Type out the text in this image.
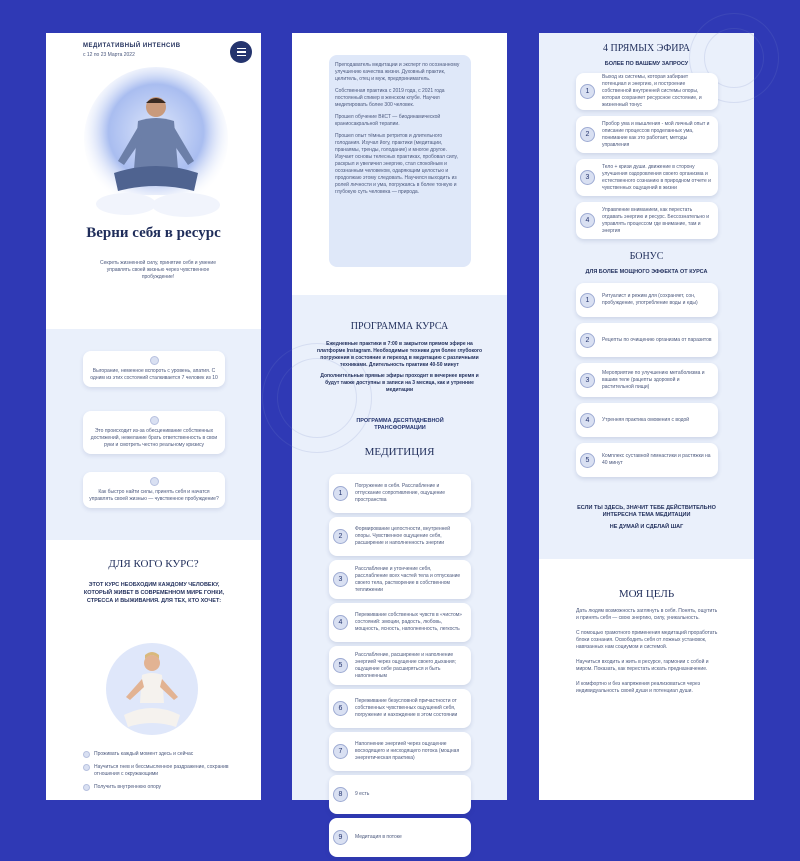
МЕДИТАТИВНЫЙ ИНТЕНСИВ
с 12 по 23 Марта 2022
Верни себя в ресурс
Секреть жизненной силу, принятие себя и умение управлять своей жизнью через чувственное пробуждение!
Выгорание, неменное вспороть с уровень, апатия. С одним из этих состояний сталкивается 7 человек из 10
Это происходит из-за обесценивание собственных достижений, нежелание брать ответственность в свои руки и смотреть честно реальному кризису
Как быстро найти силы, принять себя и начатся управлять своей жизнью — чувственное пробуждение?
ДЛЯ КОГО КУРС?
ЭТОТ КУРС НЕОБХОДИМ КАЖДОМУ ЧЕЛОВЕКУ, КОТОРЫЙ ЖИВЕТ В СОВРЕМЕННОМ МИРЕ ГОНКИ, СТРЕССА И ВЫЖИВАНИЯ. ДЛЯ ТЕХ, КТО ХОЧЕТ:
Проживать каждый момент здесь и сейчас
Научиться гнев и бессмысленное раздражение, сохранив отношения с окружающими
Получить внутреннюю опору

Преподаватель медитации и эксперт по осознанному улучшению качества жизни. Духовный практик, целитель, отец и муж, предприниматель.

Собственная практика с 2019 года, с 2021 года постоянный спикер в женском клубе. Научил медитировать более 300 человек.

Прошел обучение ВКСТ — биодинамической краниосакральной терапии.

Прошел опыт тёмных ретритов и длительного голодания. Изучал йогу, практики (медитации, пранаямы, тренды, голодание) и многое другое. Изучает основы телесных практиках, пробовал силу, раскрыл и увеличил энергию, стал спокойным и осознанным человеком, одаряющим целостью и продолжаю этому следовать. Научился выходить из ролей личности и ума, погружаясь в более тонкую и глубокую суть человека — природа.

ПРОГРАММА КУРСА

Ежедневные практики в 7:00 в закрытом прямом эфире на платформе Instagram. Необходимые техники для более глубокого погружения в состояние и переход в медитацию с различными техниками. Длительность практики 40-50 минут

Дополнительные прямые эфиры проходит в вечернее время и будут также доступны в записи на 3 месяца, как и утренние медитации

ПРОГРАММА ДЕСЯТИДНЕВНОЙ ТРАНСФОРМАЦИИ
МЕДИТИЦИЯ
1
Погружение в себя. Расслабление и отпускание сопротивление, ощущение пространства
2
Формирование целостности, внутренней опоры. Чувственное ощущение себя, расширение и наполненность энергии
3
Расслабление и утончение себя, расслабление всех частей тела и отпускание своего тела, растворение в собственном теплижении
4
Переживание собственных чувств в «чистом» состояний: эмоции, радость, любовь, мощность, ясность, наполненность, легкость
5
Расслабление, расширение и наполнение энергией через ощущение своего дыхания; ощущение себе расширяться и быть наполненным
6
Переживание безусловной причастности от собственных чувственных ощущений себя, погружение и нахождение в этом состоянии
7
Наполнение энергией через ощущение восходящего и нисходящего потока (мощная энергетическая практика)
8	9 есть
9	Медитация в потоке
4 ПРЯМЫХ ЭФИРА
БОЛЕЕ ПО ВАШЕМУ ЗАПРОСУ
1
Выход из системы, которая забирает потенциал и энергию, и построение собственной внутренней системы опоры, которая сохраняет ресурсное состояние, и жизненный тонус
2
Пробор ума и мышления - мой личный опыт и описание процессов проделанных ума, понимание как это работает, методы управления
3
Тело + кризи души. движение в сторону улучшения оздоровления своего организма и естественного сознанию в природном отчете и чувственных ощущений в жизни
4
Управление вниманием, как перестать отдавать энергию и ресурс. Бессознательно и управлять процессом где внимание, там и энергия
БОНУС
ДЛЯ БОЛЕЕ МОЩНОГО ЭФФЕКТА ОТ КУРСА
1
Ритуалист и режим для (сохраняет, сон, пробуждение, употребление воды и еды)
2	Рецепты по очищению организма от паразитов
3
Мероприятие по улучшению метаболизма и вашим теле (рацепты здоровой и растительной пищи)
4	Утренняя практика омовения с водой
5
Комплекс суставной гимнастики и растяжки на 40 минут

ЕСЛИ ТЫ ЗДЕСЬ, ЗНАЧИТ ТЕБЕ ДЕЙСТВИТЕЛЬНО ИНТЕРЕСНА ТЕМА МЕДИТАЦИИ

НЕ ДУМАЙ И СДЕЛАЙ ШАГ

МОЯ ЦЕЛЬ

Дать людям возможность заглянуть в себя. Понять, ощутить и принять себя — свою энергию, силу, уникальность.

С помощью грамотного применения медитаций проработать блоки сознания. Освободить себя от ложных установок, навязанных нам социумом и системой.

Научиться входить и жить в ресурсе, гармонии с собой и миром. Показать, как перестать искать предназначение.

И комфортно и без напряжения реализоваться через индивидуальность своей души и потенциал души.
